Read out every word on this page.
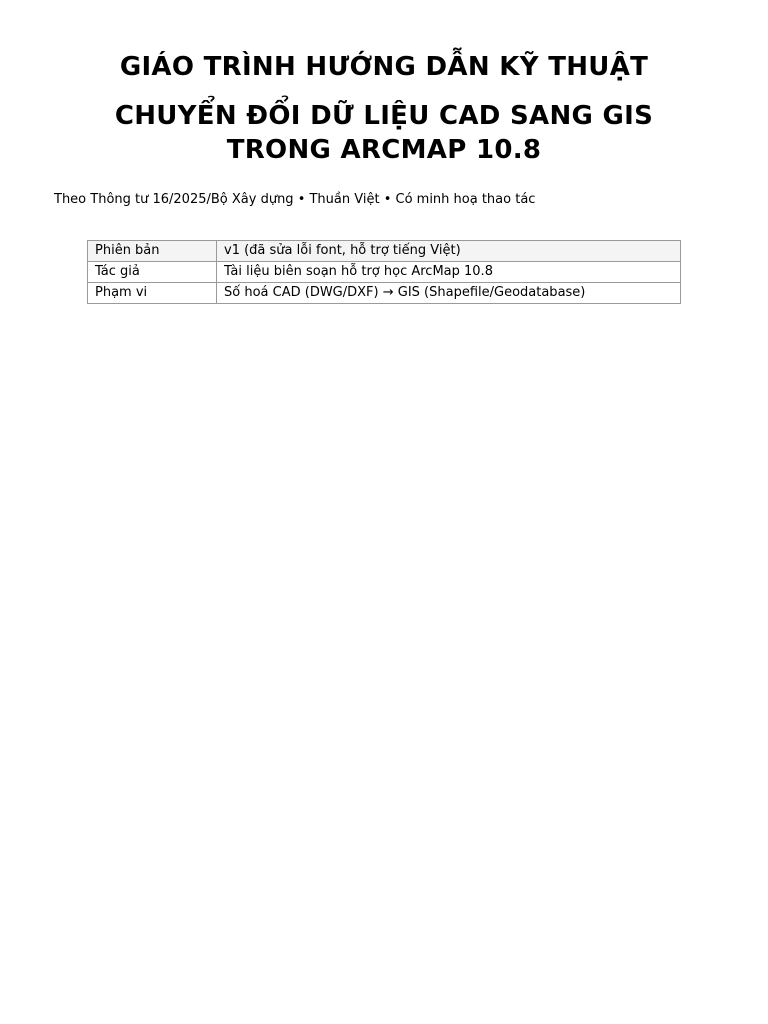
GIÁO TRÌNH HƯỚNG DẪN KỸ THUẬT
CHUYỂN ĐỔI DỮ LIỆU CAD SANG GIS
TRONG ARCMAP 10.8

Theo Thông tư 16/2025/Bộ Xây dựng • Thuần Việt • Có minh hoạ thao tác

Phiên bản	v1 (đã sửa lỗi font, hỗ trợ tiếng Việt)
Tác giả	Tài liệu biên soạn hỗ trợ học ArcMap 10.8
Phạm vi	Số hoá CAD (DWG/DXF) → GIS (Shapefile/Geodatabase)
